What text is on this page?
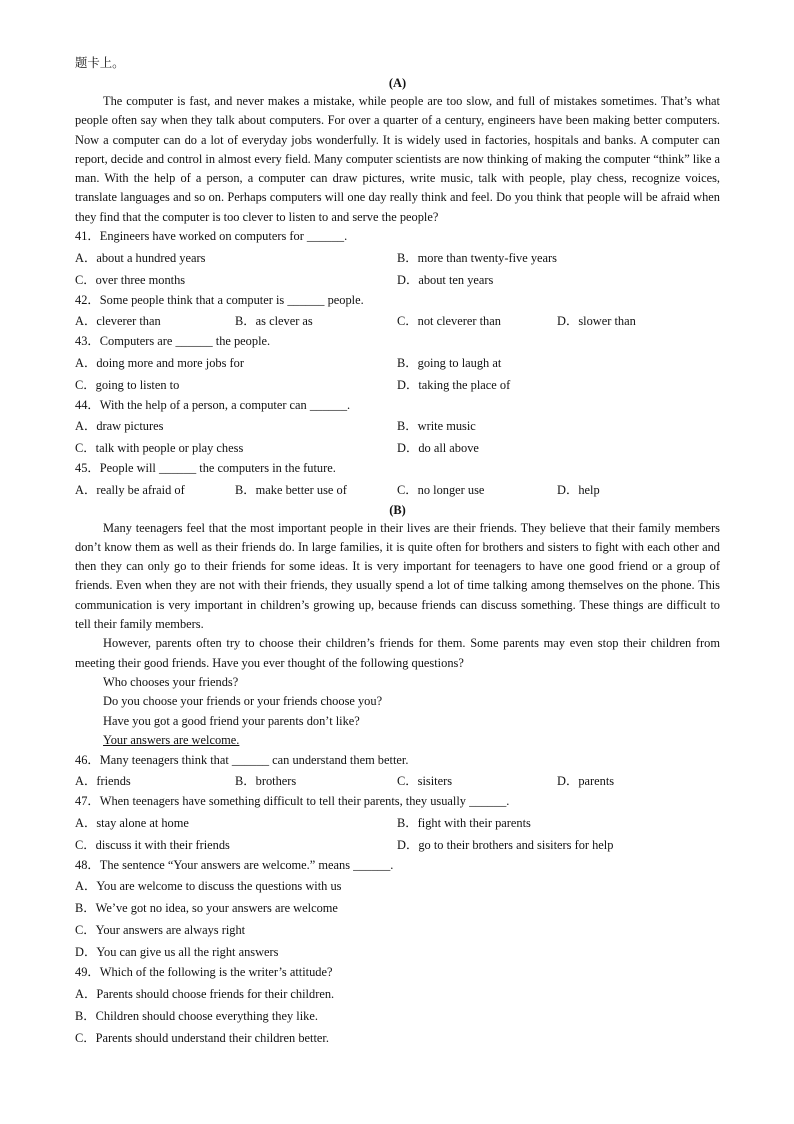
题卡上。
(A)

The computer is fast, and never makes a mistake, while people are too slow, and full of mistakes sometimes. That’s what people often say when they talk about computers. For over a quarter of a century, engineers have been making better computers. Now a computer can do a lot of everyday jobs wonderfully. It is widely used in factories, hospitals and banks. A computer can report, decide and control in almost every field. Many computer scientists are now thinking of making the computer “think” like a man. With the help of a person, a computer can draw pictures, write music, talk with people, play chess, recognize voices, translate languages and so on. Perhaps computers will one day really think and feel. Do you think that people will be afraid when they find that the computer is too clever to listen to and serve the people?

41．Engineers have worked on computers for ______.
A．about a hundred years	B．more than twenty-five years
C．over three months	D．about ten years
42．Some people think that a computer is ______ people.
A．cleverer than	B．as clever as	C．not cleverer than	D．slower than
43．Computers are ______ the people.
A．doing more and more jobs for	B．going to laugh at
C．going to listen to	D．taking the place of
44．With the help of a person, a computer can ______.
A．draw pictures	B．write music
C．talk with people or play chess	D．do all above
45．People will ______ the computers in the future.
A．really be afraid of	B．make better use of	C．no longer use	D．help
(B)

Many teenagers feel that the most important people in their lives are their friends. They believe that their family members don’t know them as well as their friends do. In large families, it is quite often for brothers and sisters to fight with each other and then they can only go to their friends for some ideas. It is very important for teenagers to have one good friend or a group of friends. Even when they are not with their friends, they usually spend a lot of time talking among themselves on the phone. This communication is very important in children’s growing up, because friends can discuss something. These things are difficult to tell their family members.

However, parents often try to choose their children’s friends for them. Some parents may even stop their children from meeting their good friends. Have you ever thought of the following questions?

Who chooses your friends?
Do you choose your friends or your friends choose you?
Have you got a good friend your parents don’t like?
Your answers are welcome.
46．Many teenagers think that ______ can understand them better.
A．friends	B．brothers	C．sisiters	D．parents
47．When teenagers have something difficult to tell their parents, they usually ______.
A．stay alone at home	B．fight with their parents
C．discuss it with their friends	D．go to their brothers and sisiters for help
48．The sentence “Your answers are welcome.” means ______.
A．You are welcome to discuss the questions with us
B．We’ve got no idea, so your answers are welcome
C．Your answers are always right
D．You can give us all the right answers
49．Which of the following is the writer’s attitude?
A．Parents should choose friends for their children.
B．Children should choose everything they like.
C．Parents should understand their children better.
